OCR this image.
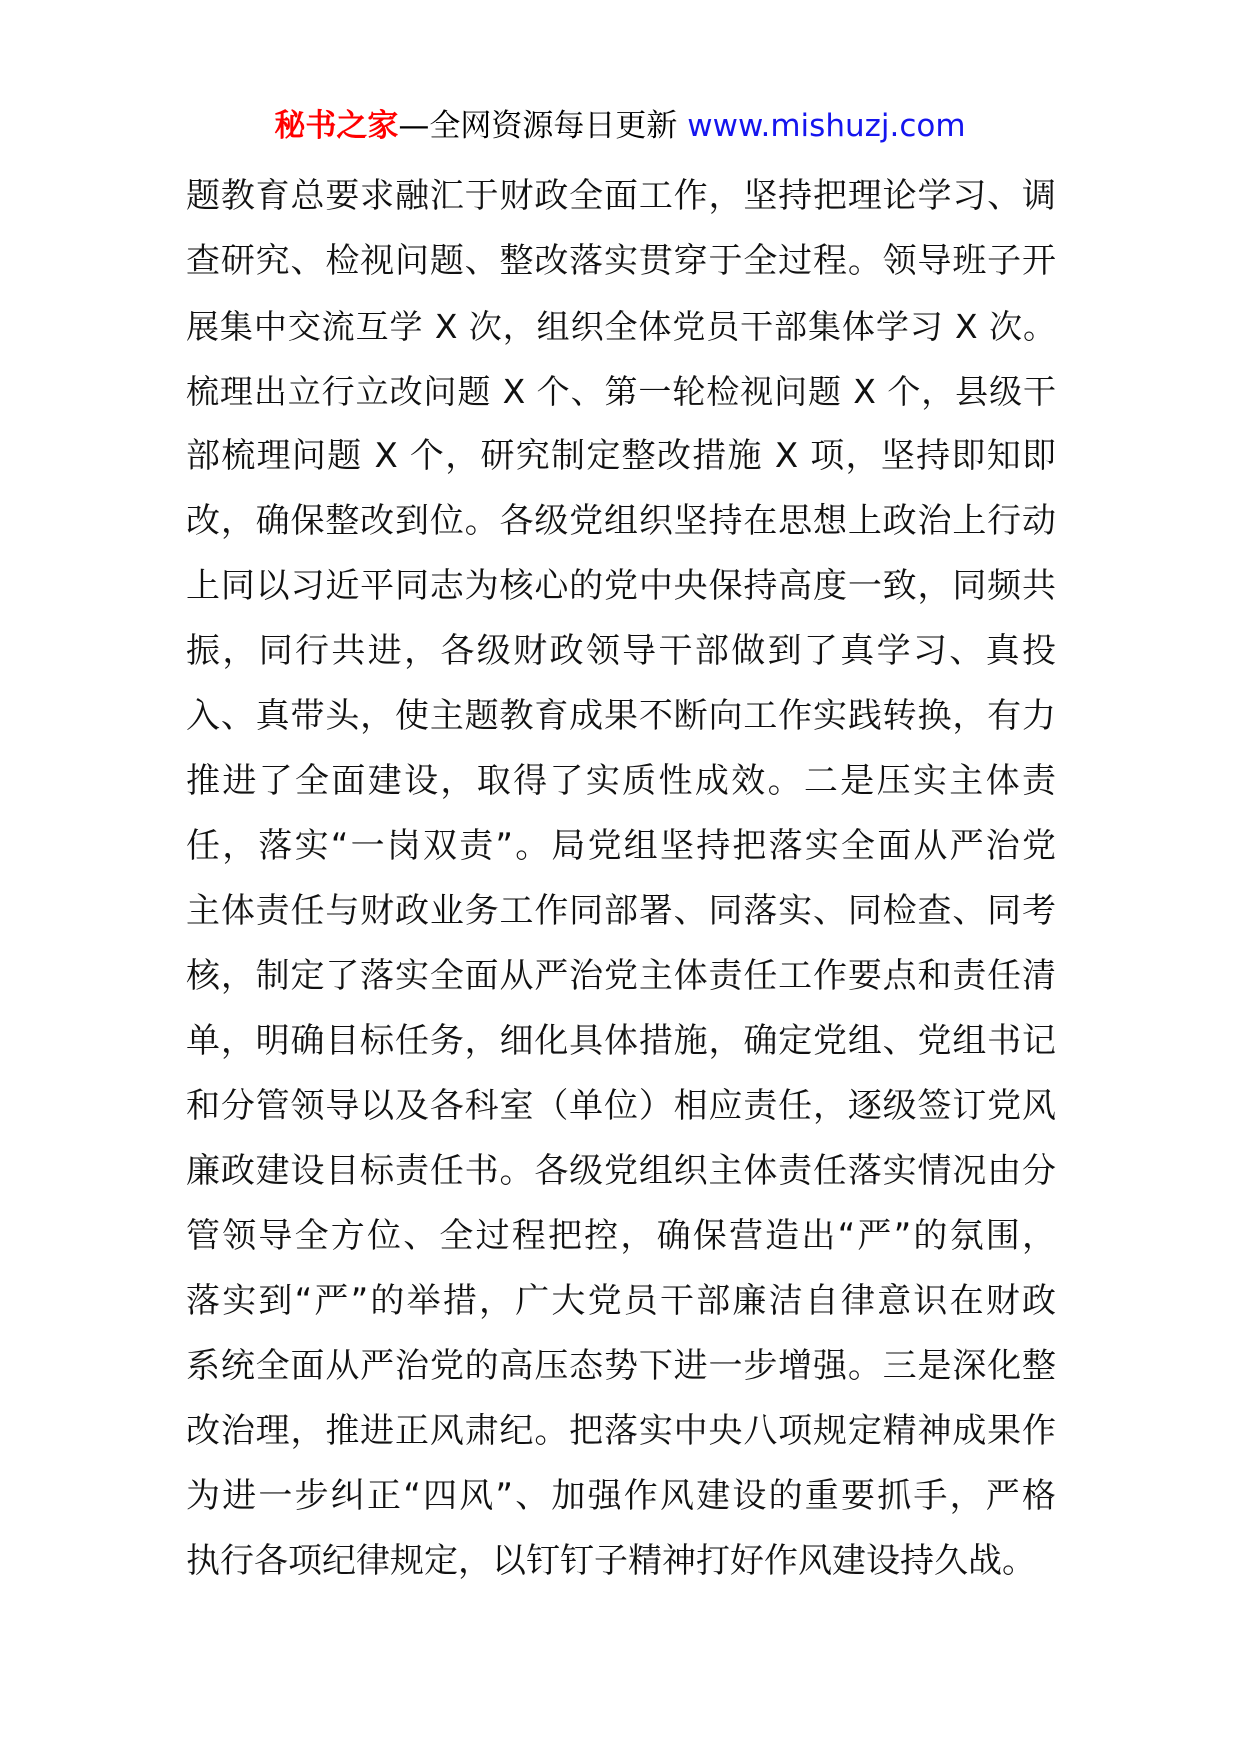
秘书之家—全网资源每日更新 www.mishuzj.com
题教育总要求融汇于财政全面工作，坚持把理论学习、调
查研究、检视问题、整改落实贯穿于全过程。领导班子开
展集中交流互学 X 次，组织全体党员干部集体学习 X 次。
梳理出立行立改问题 X 个、第一轮检视问题 X 个，县级干
部梳理问题 X 个，研究制定整改措施 X 项，坚持即知即
改，确保整改到位。各级党组织坚持在思想上政治上行动
上同以习近平同志为核心的党中央保持高度一致，同频共
振，同行共进，各级财政领导干部做到了真学习、真投
入、真带头，使主题教育成果不断向工作实践转换，有力
推进了全面建设，取得了实质性成效。二是压实主体责
任，落实“一岗双责”。局党组坚持把落实全面从严治党
主体责任与财政业务工作同部署、同落实、同检查、同考
核，制定了落实全面从严治党主体责任工作要点和责任清
单，明确目标任务，细化具体措施，确定党组、党组书记
和分管领导以及各科室（单位）相应责任，逐级签订党风
廉政建设目标责任书。各级党组织主体责任落实情况由分
管领导全方位、全过程把控，确保营造出“严”的氛围，
落实到“严”的举措，广大党员干部廉洁自律意识在财政
系统全面从严治党的高压态势下进一步增强。三是深化整
改治理，推进正风肃纪。把落实中央八项规定精神成果作
为进一步纠正“四风”、加强作风建设的重要抓手，严格
执行各项纪律规定，以钉钉子精神打好作风建设持久战。
